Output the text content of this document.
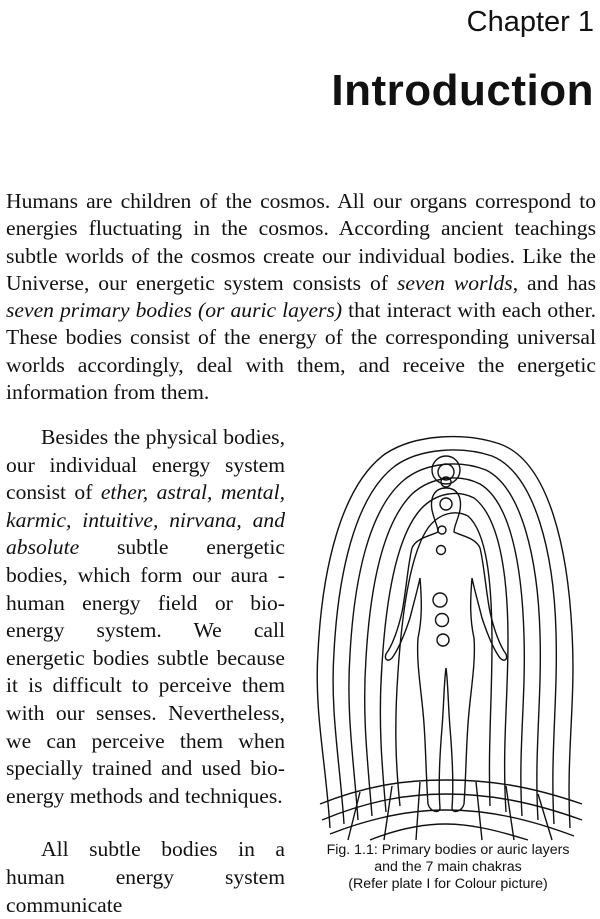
Chapter 1
Introduction

Humans are children of the cosmos. All our organs correspond to energies fluctuating in the cosmos. According ancient teachings subtle worlds of the cosmos create our individual bodies. Like the Universe, our energetic system consists of seven worlds, and has seven primary bodies (or auric layers) that interact with each other. These bodies consist of the energy of the corresponding universal worlds accordingly, deal with them, and receive the energetic information from them.

Besides the physical bodies, our individual energy system consist of ether, astral, mental, karmic, intuitive, nirvana, and absolute subtle energetic bodies, which form our aura - human energy field or bio-energy system. We call energetic bodies subtle because it is difficult to perceive them with our senses. Nevertheless, we can perceive them when specially trained and used bio-energy methods and techniques.

All subtle bodies in a human energy system communicate

Fig. 1.1: Primary bodies or auric layers
and the 7 main chakras
(Refer plate I for Colour picture)
